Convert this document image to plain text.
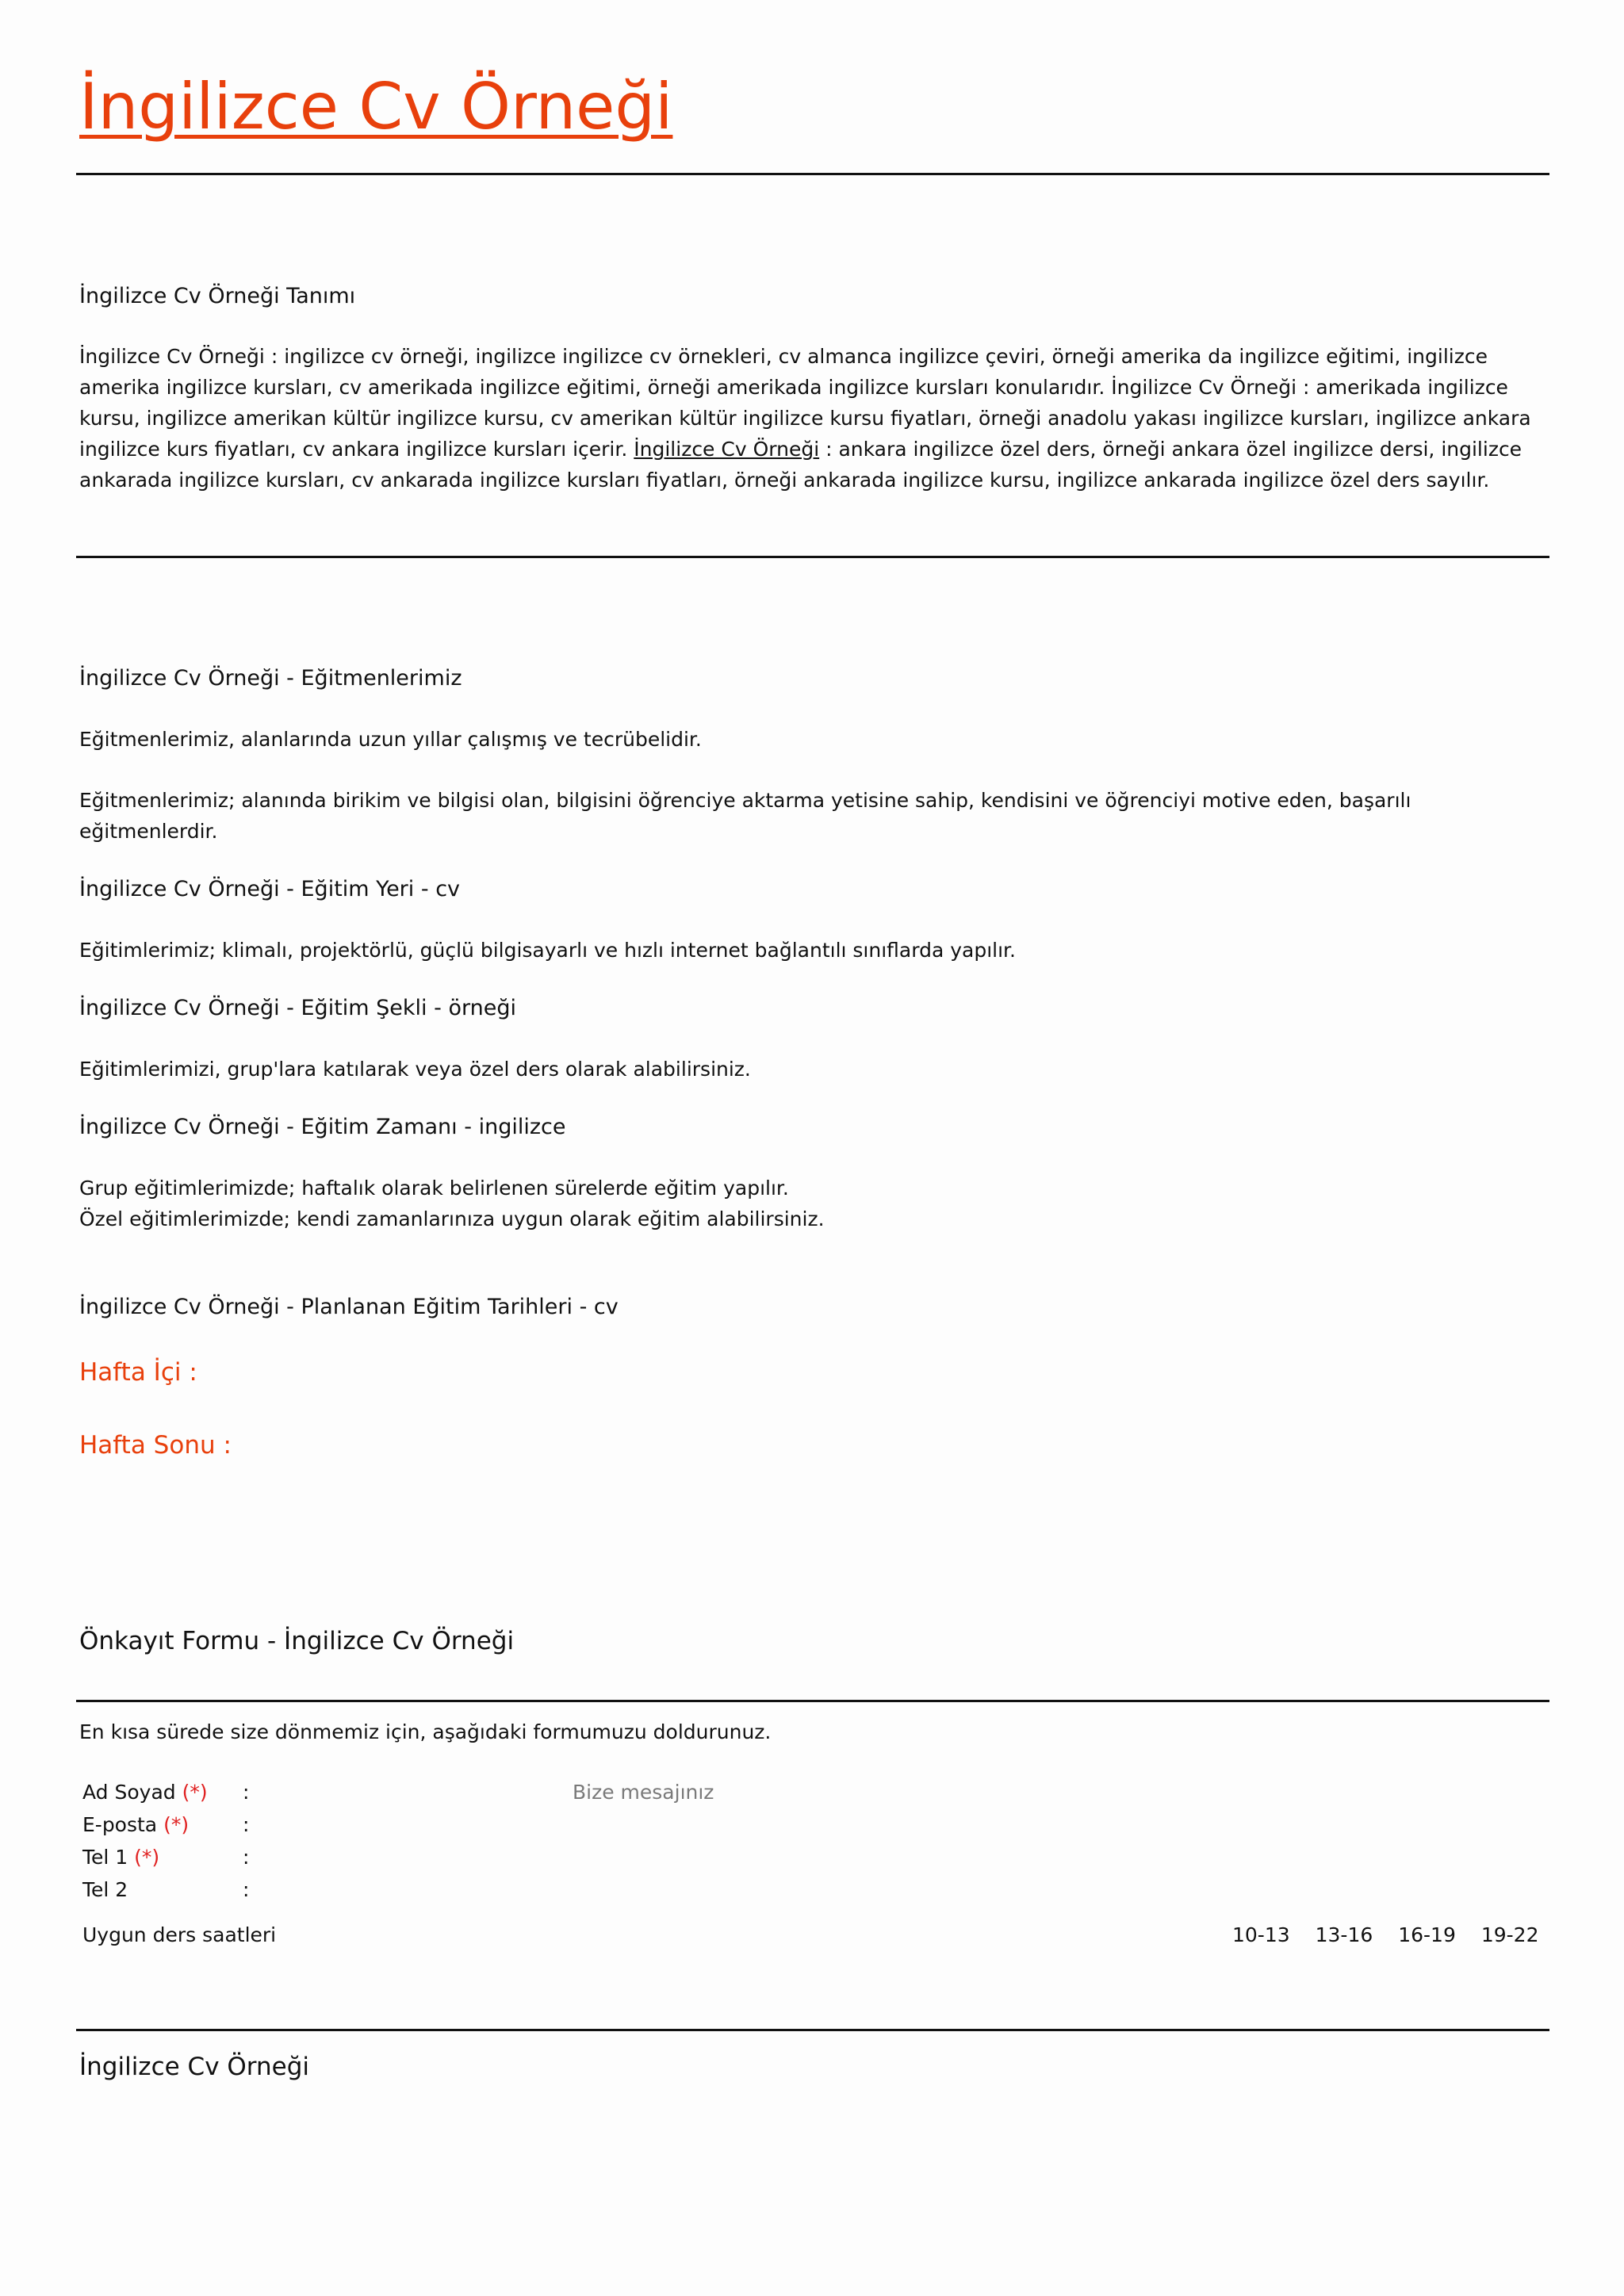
İngilizce Cv Örneği
İngilizce Cv Örneği Tanımı

İngilizce Cv Örneği : ingilizce cv örneği, ingilizce ingilizce cv örnekleri, cv almanca ingilizce çeviri, örneği amerika da ingilizce eğitimi, ingilizce amerika ingilizce kursları, cv amerikada ingilizce eğitimi, örneği amerikada ingilizce kursları konularıdır. İngilizce Cv Örneği : amerikada ingilizce kursu, ingilizce amerikan kültür ingilizce kursu, cv amerikan kültür ingilizce kursu fiyatları, örneği anadolu yakası ingilizce kursları, ingilizce ankara ingilizce kurs fiyatları, cv ankara ingilizce kursları içerir. İngilizce Cv Örneği : ankara ingilizce özel ders, örneği ankara özel ingilizce dersi, ingilizce ankarada ingilizce kursları, cv ankarada ingilizce kursları fiyatları, örneği ankarada ingilizce kursu, ingilizce ankarada ingilizce özel ders sayılır.

İngilizce Cv Örneği - Eğitmenlerimiz

Eğitmenlerimiz, alanlarında uzun yıllar çalışmış ve tecrübelidir.

Eğitmenlerimiz; alanında birikim ve bilgisi olan, bilgisini öğrenciye aktarma yetisine sahip, kendisini ve öğrenciyi motive eden, başarılı eğitmenlerdir.

İngilizce Cv Örneği - Eğitim Yeri - cv

Eğitimlerimiz; klimalı, projektörlü, güçlü bilgisayarlı ve hızlı internet bağlantılı sınıflarda yapılır.

İngilizce Cv Örneği - Eğitim Şekli - örneği

Eğitimlerimizi, grup'lara katılarak veya özel ders olarak alabilirsiniz.

İngilizce Cv Örneği - Eğitim Zamanı - ingilizce

Grup eğitimlerimizde; haftalık olarak belirlenen sürelerde eğitim yapılır.

Özel eğitimlerimizde; kendi zamanlarınıza uygun olarak eğitim alabilirsiniz.

İngilizce Cv Örneği - Planlanan Eğitim Tarihleri - cv
Hafta İçi :
Hafta Sonu :
Önkayıt Formu - İngilizce Cv Örneği

En kısa sürede size dönmemiz için, aşağıdaki formumuzu doldurunuz.

Ad Soyad (*) :
E-posta (*)	:
Tel 1 (*)	:
Tel 2	:
Bize mesajınız
Uygun ders saatleri	10-13 13-16 16-19 19-22
İngilizce Cv Örneği
